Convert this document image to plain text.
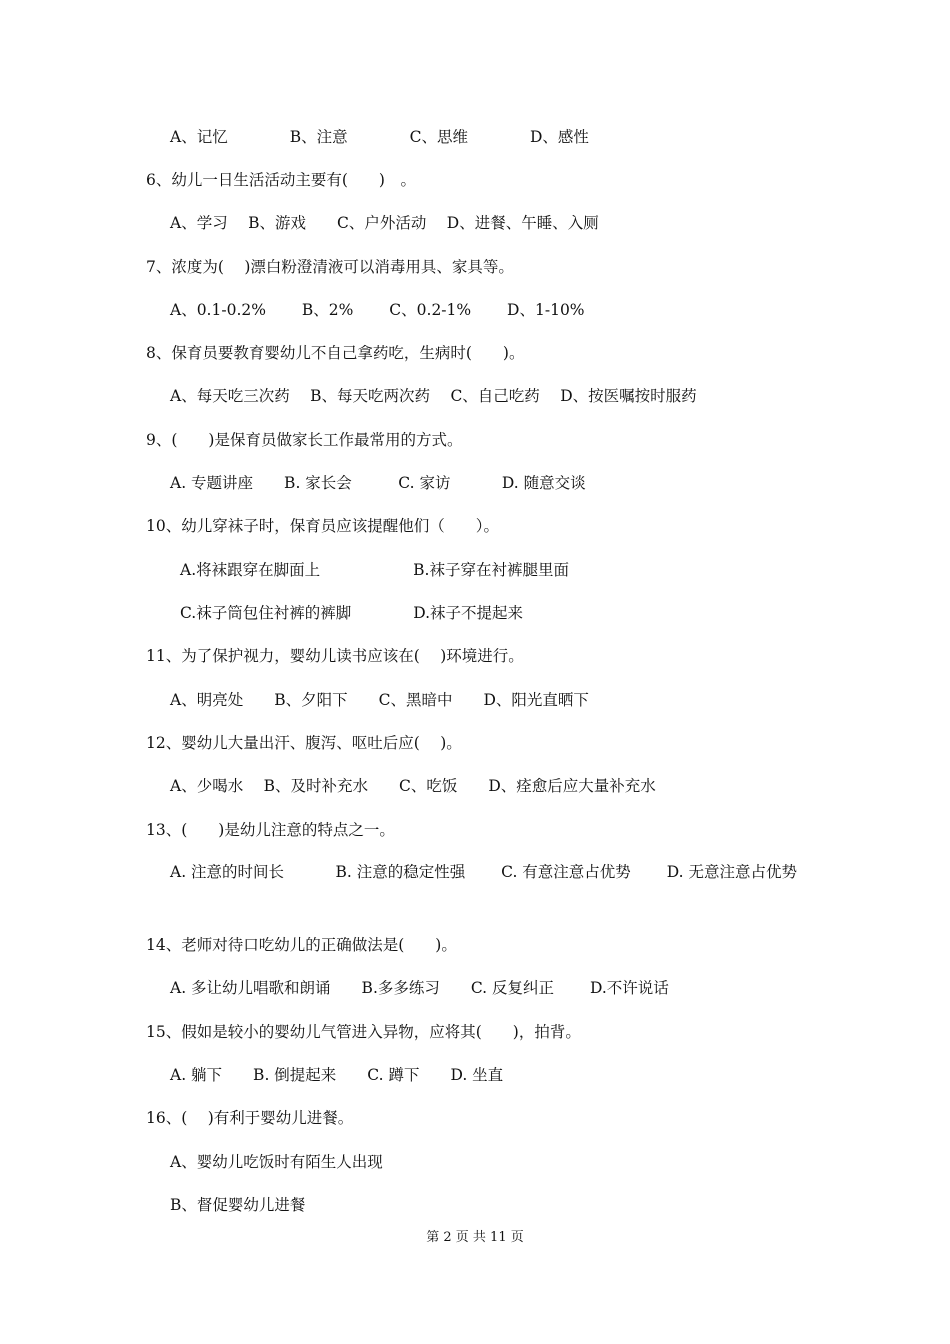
A、记忆　　　　B、注意　　　　C、思维　　　　D、感性
6、幼儿一日生活活动主要有(　　)　。
A、学习　 B、游戏　　C、户外活动　 D、进餐、午睡、入厕
7、浓度为(　 )漂白粉澄清液可以消毒用具、家具等。
A、0.1-0.2%　　 B、2%　　 C、0.2-1%　　 D、1-10%
8、保育员要教育婴幼儿不自己拿药吃，生病时(　　)。
A、每天吃三次药　 B、每天吃两次药　 C、自己吃药　 D、按医嘱按时服药
9、(　　)是保育员做家长工作最常用的方式。
A. 专题讲座　　B. 家长会　　　C. 家访　　　 D. 随意交谈
10、幼儿穿袜子时，保育员应该提醒他们（　　）。
A.将袜跟穿在脚面上　　　　　　B.袜子穿在衬裤腿里面
C.袜子筒包住衬裤的裤脚　　　　D.袜子不提起来
11、为了保护视力，婴幼儿读书应该在(　 )环境进行。
A、明亮处　　B、夕阳下　　C、黑暗中　　D、阳光直晒下
12、婴幼儿大量出汗、腹泻、呕吐后应(　 )。
A、少喝水　 B、及时补充水　　C、吃饭　　D、痊愈后应大量补充水
13、(　　)是幼儿注意的特点之一。
A. 注意的时间长　　　 B. 注意的稳定性强　　 C. 有意注意占优势　　 D. 无意注意占优势
14、老师对待口吃幼儿的正确做法是(　　)。
A. 多让幼儿唱歌和朗诵　　B.多多练习　　C. 反复纠正　　 D.不许说话
15、假如是较小的婴幼儿气管进入异物，应将其(　　)，拍背。
A. 躺下　　B. 倒提起来　　C. 蹲下　　D. 坐直
16、(　 )有利于婴幼儿进餐。
A、婴幼儿吃饭时有陌生人出现
B、督促婴幼儿进餐
第 2 页 共 11 页
